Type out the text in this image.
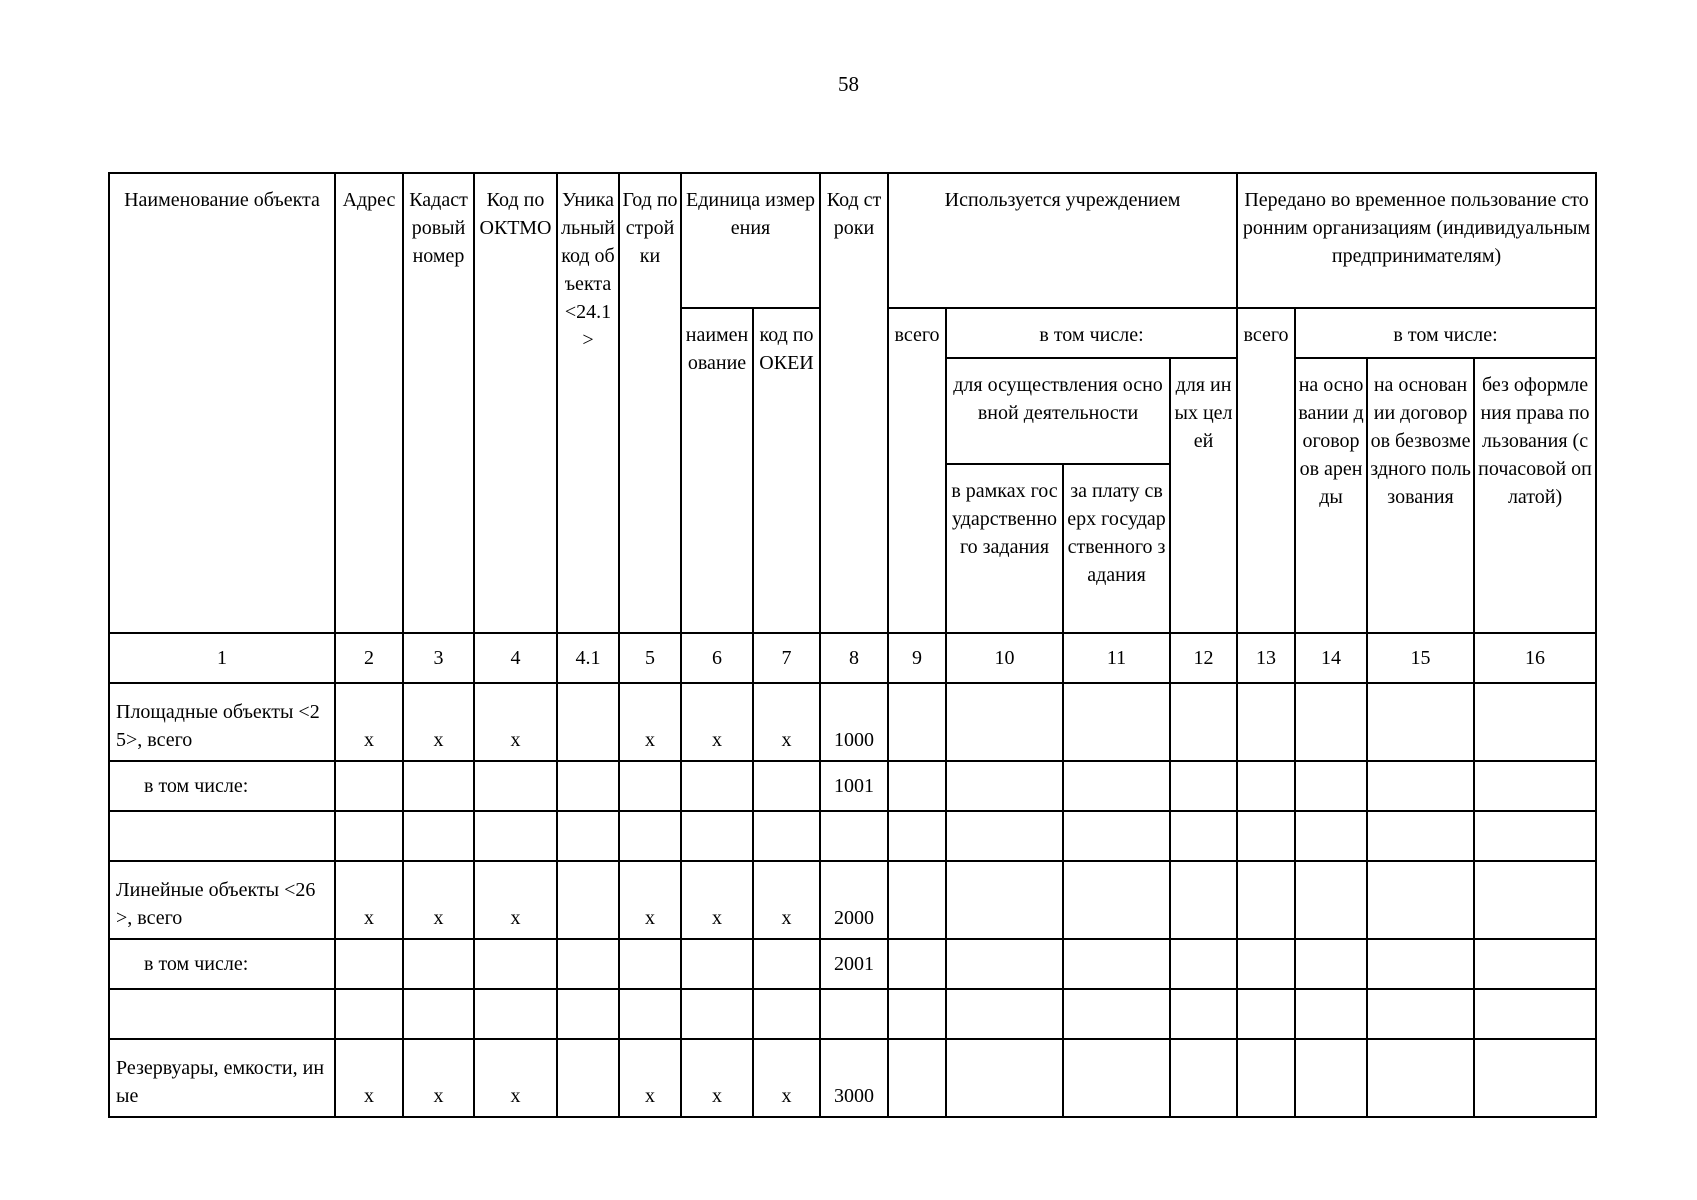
58
Наименование объекта	Адрес	Кадастровый номер	Код по ОКТМО	Уникальный код объекта <24.1>	Год постройки	Единица измерения		Код строки	Используется учреждением				Передано во временное пользование сторонним организациям (индивидуальным предпринимателям)			
						наименование	код по ОКЕИ		всего	в том числе:			всего	в том числе:		
										для осуществления основной деятельности		для иных целей		на основании договоров аренды	на основании договоров безвозмездного пользования	без оформления права пользования (с почасовой оплатой)
										в рамках государственного задания	за плату сверх государственного задания					

1	2	3	4	4.1	5	6	7	8	9	10	11	12	13	14	15	16
Площадные объекты <25>, всего	x	x	x		x	x	x	1000								
в том числе:								1001								

Линейные объекты <26>, всего	x	x	x		x	x	x	2000								
в том числе:								2001								

Резервуары, емкости, иные	x	x	x		x	x	x	3000								
